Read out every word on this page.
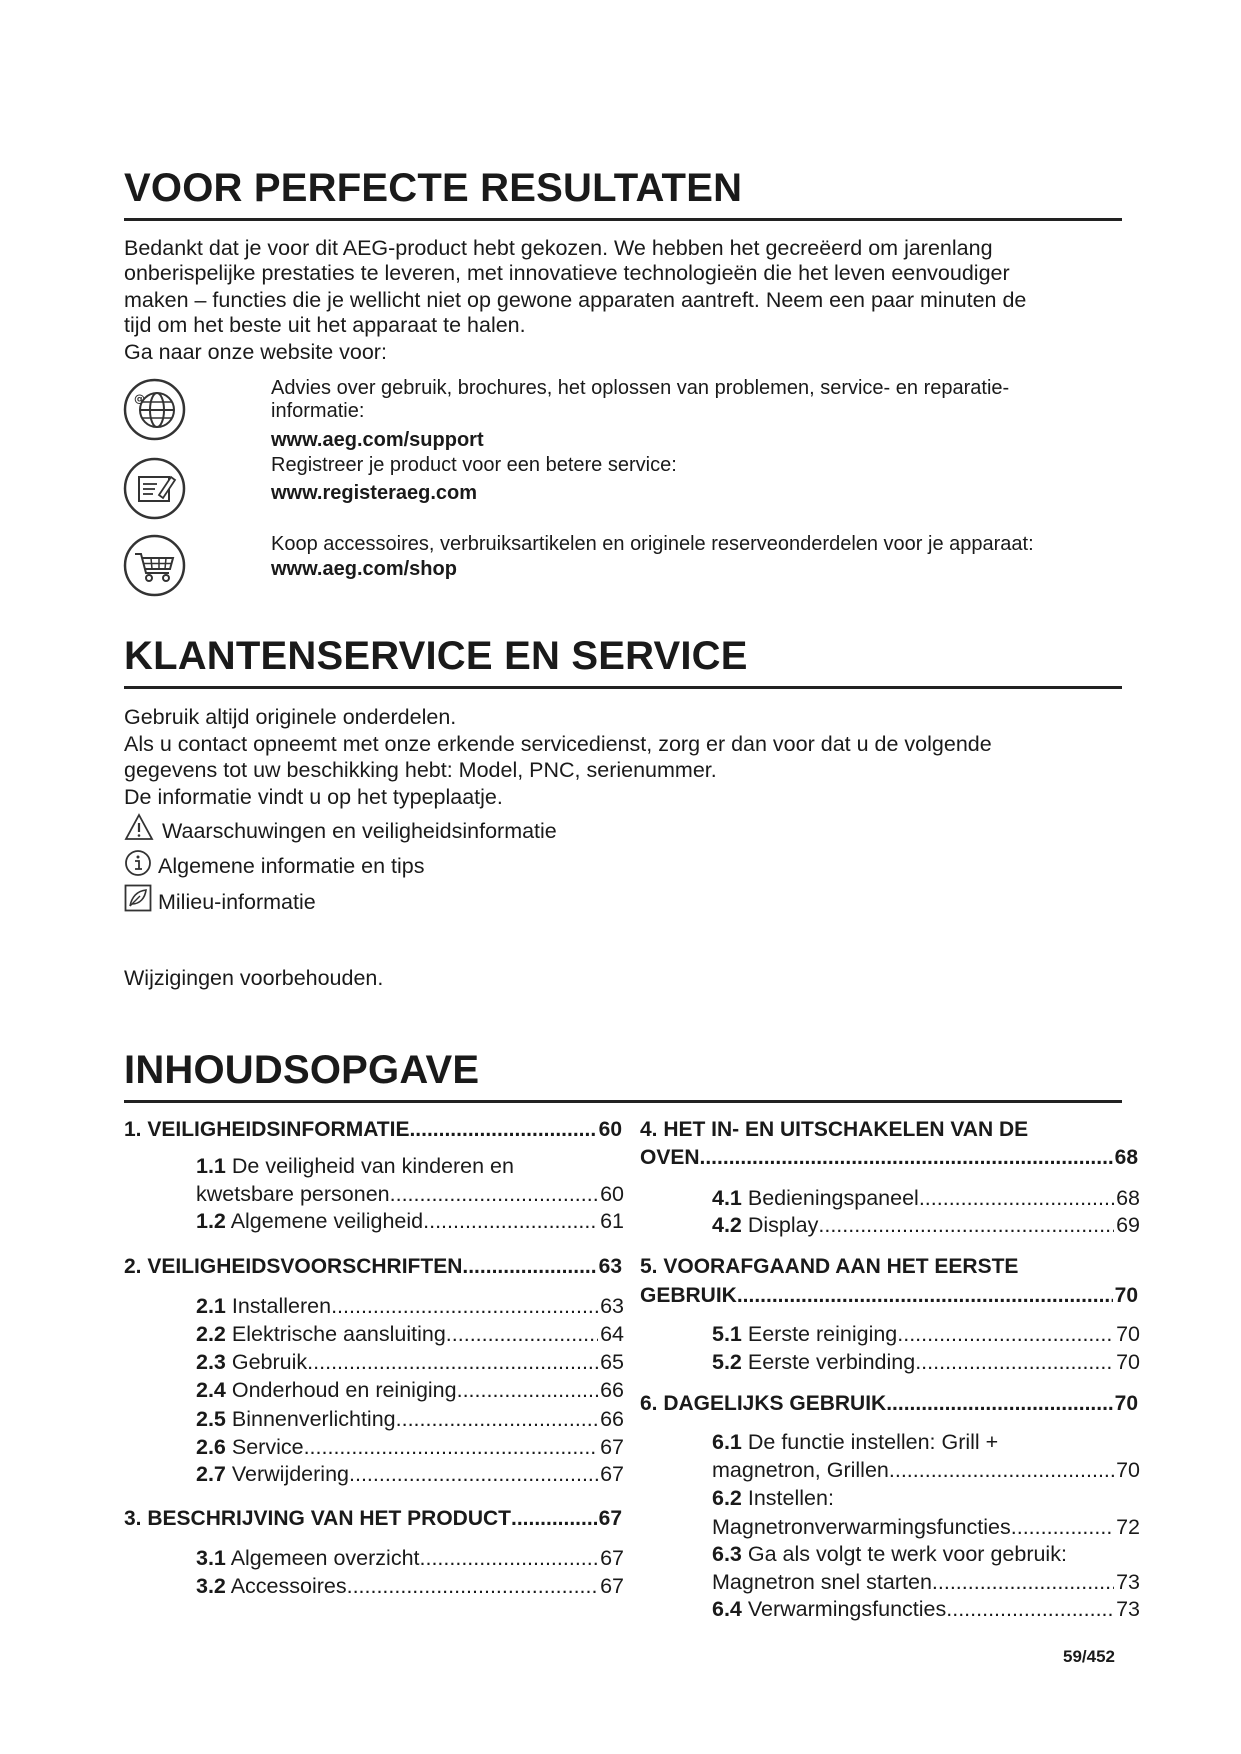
VOOR PERFECTE RESULTATEN
Bedankt dat je voor dit AEG-product hebt gekozen. We hebben het gecreëerd om jarenlang
onberispelijke prestaties te leveren, met innovatieve technologieën die het leven eenvoudiger
maken – functies die je wellicht niet op gewone apparaten aantreft. Neem een paar minuten de
tijd om het beste uit het apparaat te halen.
Ga naar onze website voor:
@	Advies over gebruik, brochures, het oplossen van problemen, service- en reparatie-
informatie:
www.aeg.com/support
Registreer je product voor een betere service:
www.registeraeg.com
Koop accessoires, verbruiksartikelen en originele reserveonderdelen voor je apparaat:
www.aeg.com/shop
KLANTENSERVICE EN SERVICE
Gebruik altijd originele onderdelen.
Als u contact opneemt met onze erkende servicedienst, zorg er dan voor dat u de volgende
gegevens tot uw beschikking hebt: Model, PNC, serienummer.
De informatie vindt u op het typeplaatje.
Waarschuwingen en veiligheidsinformatie
Algemene informatie en tips
Milieu-informatie
Wijzigingen voorbehouden.
INHOUDSOPGAVE
1. VEILIGHEIDSINFORMATIE .....	60
1.1 De veiligheid van kinderen en
kwetsbare personen .....	60
1.2 Algemene veiligheid .....	61
2. VEILIGHEIDSVOORSCHRIFTEN .....	63
2.1 Installeren .....	63
2.2 Elektrische aansluiting .....	64
2.3 Gebruik .....	65
2.4 Onderhoud en reiniging .....	66
2.5 Binnenverlichting .....	66
2.6 Service .....	67
2.7 Verwijdering .....	67
3. BESCHRIJVING VAN HET PRODUCT .....	67
3.1 Algemeen overzicht .....	67
3.2 Accessoires .....	67
4. HET IN- EN UITSCHAKELEN VAN DE
OVEN .....	68
4.1 Bedieningspaneel .....	68
4.2 Display .....	69
5. VOORAFGAAND AAN HET EERSTE
GEBRUIK .....	70
5.1 Eerste reiniging .....	70
5.2 Eerste verbinding .....	70
6. DAGELIJKS GEBRUIK .....	70
6.1 De functie instellen: Grill +
magnetron, Grillen .....	70
6.2 Instellen:
Magnetronverwarmingsfuncties .....	72
6.3 Ga als volgt te werk voor gebruik:
Magnetron snel starten .....	73
6.4 Verwarmingsfuncties .....	73
59/452
